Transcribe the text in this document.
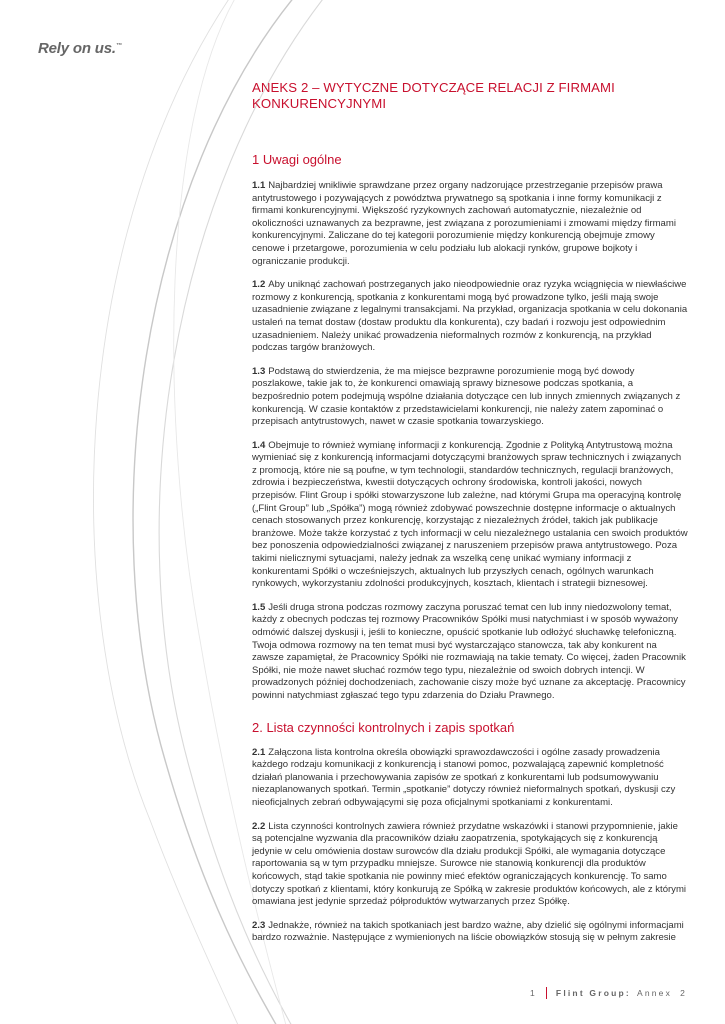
Rely on us.™
ANEKS 2 – WYTYCZNE DOTYCZĄCE RELACJI Z FIRMAMI
KONKURENCYJNYMI
1 Uwagi ogólne

1.1 Najbardziej wnikliwie sprawdzane przez organy nadzorujące przestrzeganie przepisów prawa antytrustowego i pozywających z powództwa prywatnego są spotkania i inne formy komunikacji z firmami konkurencyjnymi. Większość ryzykownych zachowań automatycznie, niezależnie od okoliczności uznawanych za bezprawne, jest związana z porozumieniami i zmowami między firmami konkurencyjnymi. Zaliczane do tej kategorii porozumienie między konkurencją obejmuje zmowy cenowe i przetargowe, porozumienia w celu podziału lub alokacji rynków, grupowe bojkoty i ograniczanie produkcji.

1.2 Aby uniknąć zachowań postrzeganych jako nieodpowiednie oraz ryzyka wciągnięcia w niewłaściwe rozmowy z konkurencją, spotkania z konkurentami mogą być prowadzone tylko, jeśli mają swoje uzasadnienie związane z legalnymi transakcjami. Na przykład, organizacja spotkania w celu dokonania ustaleń na temat dostaw (dostaw produktu dla konkurenta), czy badań i rozwoju jest odpowiednim uzasadnieniem. Należy unikać prowadzenia nieformalnych rozmów z konkurencją, na przykład podczas targów branżowych.

1.3 Podstawą do stwierdzenia, że ma miejsce bezprawne porozumienie mogą być dowody poszlakowe, takie jak to, że konkurenci omawiają sprawy biznesowe podczas spotkania, a bezpośrednio potem podejmują wspólne działania dotyczące cen lub innych zmiennych związanych z konkurencją. W czasie kontaktów z przedstawicielami konkurencji, nie należy zatem zapominać o przepisach antytrustowych, nawet w czasie spotkania towarzyskiego.

1.4 Obejmuje to również wymianę informacji z konkurencją. Zgodnie z Polityką Antytrustową można wymieniać się z konkurencją informacjami dotyczącymi branżowych spraw technicznych i związanych z promocją, które nie są poufne, w tym technologii, standardów technicznych, regulacji branżowych, zdrowia i bezpieczeństwa, kwestii dotyczących ochrony środowiska, kontroli jakości, nowych przepisów. Flint Group i spółki stowarzyszone lub zależne, nad którymi Grupa ma operacyjną kontrolę („Flint Group” lub „Spółka”) mogą również zdobywać powszechnie dostępne informacje o aktualnych cenach stosowanych przez konkurencję, korzystając z niezależnych źródeł, takich jak publikacje branżowe. Może także korzystać z tych informacji w celu niezależnego ustalania cen swoich produktów bez ponoszenia odpowiedzialności związanej z naruszeniem przepisów prawa antytrustowego. Poza takimi nielicznymi sytuacjami, należy jednak za wszelką cenę unikać wymiany informacji z konkurentami Spółki o wcześniejszych, aktualnych lub przyszłych cenach, ogólnych warunkach rynkowych, wykorzystaniu zdolności produkcyjnych, kosztach, klientach i strategii biznesowej.

1.5 Jeśli druga strona podczas rozmowy zaczyna poruszać temat cen lub inny niedozwolony temat, każdy z obecnych podczas tej rozmowy Pracowników Spółki musi natychmiast i w sposób wyważony odmówić dalszej dyskusji i, jeśli to konieczne, opuścić spotkanie lub odłożyć słuchawkę telefoniczną. Twoja odmowa rozmowy na ten temat musi być wystarczająco stanowcza, tak aby konkurent na zawsze zapamiętał, że Pracownicy Spółki nie rozmawiają na takie tematy. Co więcej, żaden Pracownik Spółki, nie może nawet słuchać rozmów tego typu, niezależnie od swoich dobrych intencji. W prowadzonych później dochodzeniach, zachowanie ciszy może być uznane za akceptację. Pracownicy powinni natychmiast zgłaszać tego typu zdarzenia do Działu Prawnego.

2. Lista czynności kontrolnych i zapis spotkań

2.1 Załączona lista kontrolna określa obowiązki sprawozdawczości i ogólne zasady prowadzenia każdego rodzaju komunikacji z konkurencją i stanowi pomoc, pozwalającą zapewnić kompletność działań planowania i przechowywania zapisów ze spotkań z konkurentami lub podsumowywaniu niezaplanowanych spotkań. Termin „spotkanie” dotyczy również nieformalnych spotkań, dyskusji czy nieoficjalnych zebrań odbywającymi się poza oficjalnymi spotkaniami z konkurentami.

2.2 Lista czynności kontrolnych zawiera również przydatne wskazówki i stanowi przypomnienie, jakie są potencjalne wyzwania dla pracowników działu zaopatrzenia, spotykających się z konkurencją jedynie w celu omówienia dostaw surowców dla działu produkcji Spółki, ale wymagania dotyczące raportowania są w tym przypadku mniejsze. Surowce nie stanowią konkurencji dla produktów końcowych, stąd takie spotkania nie powinny mieć efektów ograniczających konkurencję. To samo dotyczy spotkań z klientami, który konkurują ze Spółką w zakresie produktów końcowych, ale z którymi omawiana jest jedynie sprzedaż półproduktów wytwarzanych przez Spółkę.

2.3 Jednakże, również na takich spotkaniach jest bardzo ważne, aby dzielić się ogólnymi informacjami bardzo rozważnie. Następujące z wymienionych na liście obowiązków stosują się w pełnym zakresie

1 Flint Group: Annex 2
